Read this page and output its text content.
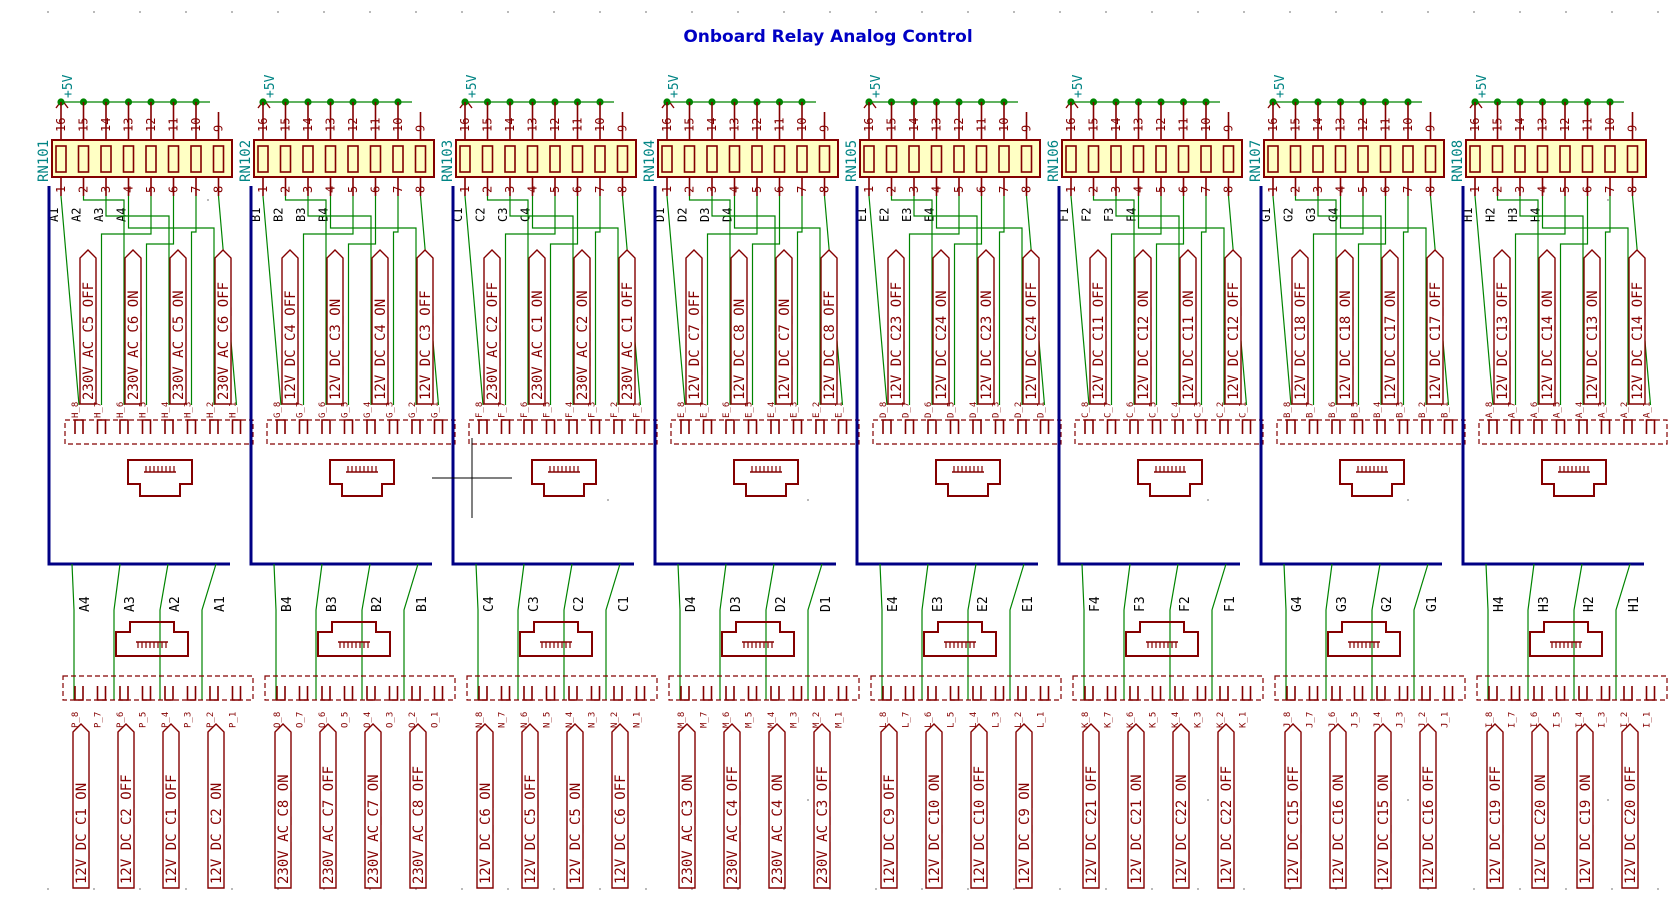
Onboard Relay Analog Control
RN101
+5V
16 15 14 13 12 11 10 9
1 2 3 4 5 6 7 8
A1 A2 A3 A4
230V_AC_C5_OFF 230V_AC_C6_ON 230V_AC_C5_ON 230V_AC_C6_OFF
H_8 H_7 H_6 H_5 H_4 H_3 H_2 H_1
A4 A3 A2 A1
P_8 P_7 P_6 P_5 P_4 P_3 P_2 P_1
12V_DC_C1_ON 12V_DC_C2_OFF 12V_DC_C1_OFF 12V_DC_C2_ON
RN102
+5V
16 15 14 13 12 11 10 9
1 2 3 4 5 6 7 8
B1 B2 B3 B4
12V_DC_C4_OFF 12V_DC_C3_ON 12V_DC_C4_ON 12V_DC_C3_OFF
G_8 G_7 G_6 G_5 G_4 G_3 G_2 G_1
B4 B3 B2 B1
O_8 O_7 O_6 O_5 O_4 O_3 O_2 O_1
230V_AC_C8_ON 230V_AC_C7_OFF 230V_AC_C7_ON 230V_AC_C8_OFF
RN103
+5V
16 15 14 13 12 11 10 9
1 2 3 4 5 6 7 8
C1 C2 C3 C4
230V_AC_C2_OFF 230V_AC_C1_ON 230V_AC_C2_ON 230V_AC_C1_OFF
F_8 F_7 F_6 F_5 F_4 F_3 F_2 F_1
C4 C3 C2 C1
N_8 N_7 N_6 N_5 N_4 N_3 N_2 N_1
12V_DC_C6_ON 12V_DC_C5_OFF 12V_DC_C5_ON 12V_DC_C6_OFF
RN104
+5V
16 15 14 13 12 11 10 9
1 2 3 4 5 6 7 8
D1 D2 D3 D4
12V_DC_C7_OFF 12V_DC_C8_ON 12V_DC_C7_ON 12V_DC_C8_OFF
E_8 E_7 E_6 E_5 E_4 E_3 E_2 E_1
D4 D3 D2 D1
M_8 M_7 M_6 M_5 M_4 M_3 M_2 M_1
230V_AC_C3_ON 230V_AC_C4_OFF 230V_AC_C4_ON 230V_AC_C3_OFF
RN105
+5V
16 15 14 13 12 11 10 9
1 2 3 4 5 6 7 8
E1 E2 E3 E4
12V_DC_C23_OFF 12V_DC_C24_ON 12V_DC_C23_ON 12V_DC_C24_OFF
D_8 D_7 D_6 D_5 D_4 D_3 D_2 D_1
E4 E3 E2 E1
L_8 L_7 L_6 L_5 L_4 L_3 L_2 L_1
12V_DC_C9_OFF 12V_DC_C10_ON 12V_DC_C10_OFF 12V_DC_C9_ON
RN106
+5V
16 15 14 13 12 11 10 9
1 2 3 4 5 6 7 8
F1 F2 F3 F4
12V_DC_C11_OFF 12V_DC_C12_ON 12V_DC_C11_ON 12V_DC_C12_OFF
C_8 C_7 C_6 C_5 C_4 C_3 C_2 C_1
F4 F3 F2 F1
K_8 K_7 K_6 K_5 K_4 K_3 K_2 K_1
12V_DC_C21_OFF 12V_DC_C21_ON 12V_DC_C22_ON 12V_DC_C22_OFF
RN107
+5V
16 15 14 13 12 11 10 9
1 2 3 4 5 6 7 8
G1 G2 G3 G4
12V_DC_C18_OFF 12V_DC_C18_ON 12V_DC_C17_ON 12V_DC_C17_OFF
B_8 B_7 B_6 B_5 B_4 B_3 B_2 B_1
G4 G3 G2 G1
J_8 J_7 J_6 J_5 J_4 J_3 J_2 J_1
12V_DC_C15_OFF 12V_DC_C16_ON 12V_DC_C15_ON 12V_DC_C16_OFF
RN108
+5V
16 15 14 13 12 11 10 9
1 2 3 4 5 6 7 8
H1 H2 H3 H4
12V_DC_C13_OFF 12V_DC_C14_ON 12V_DC_C13_ON 12V_DC_C14_OFF
A_8 A_7 A_6 A_5 A_4 A_3 A_2 A_1
H4 H3 H2 H1
I_8 I_7 I_6 I_5 I_4 I_3 I_2 I_1
12V_DC_C19_OFF 12V_DC_C20_ON 12V_DC_C19_ON 12V_DC_C20_OFF
